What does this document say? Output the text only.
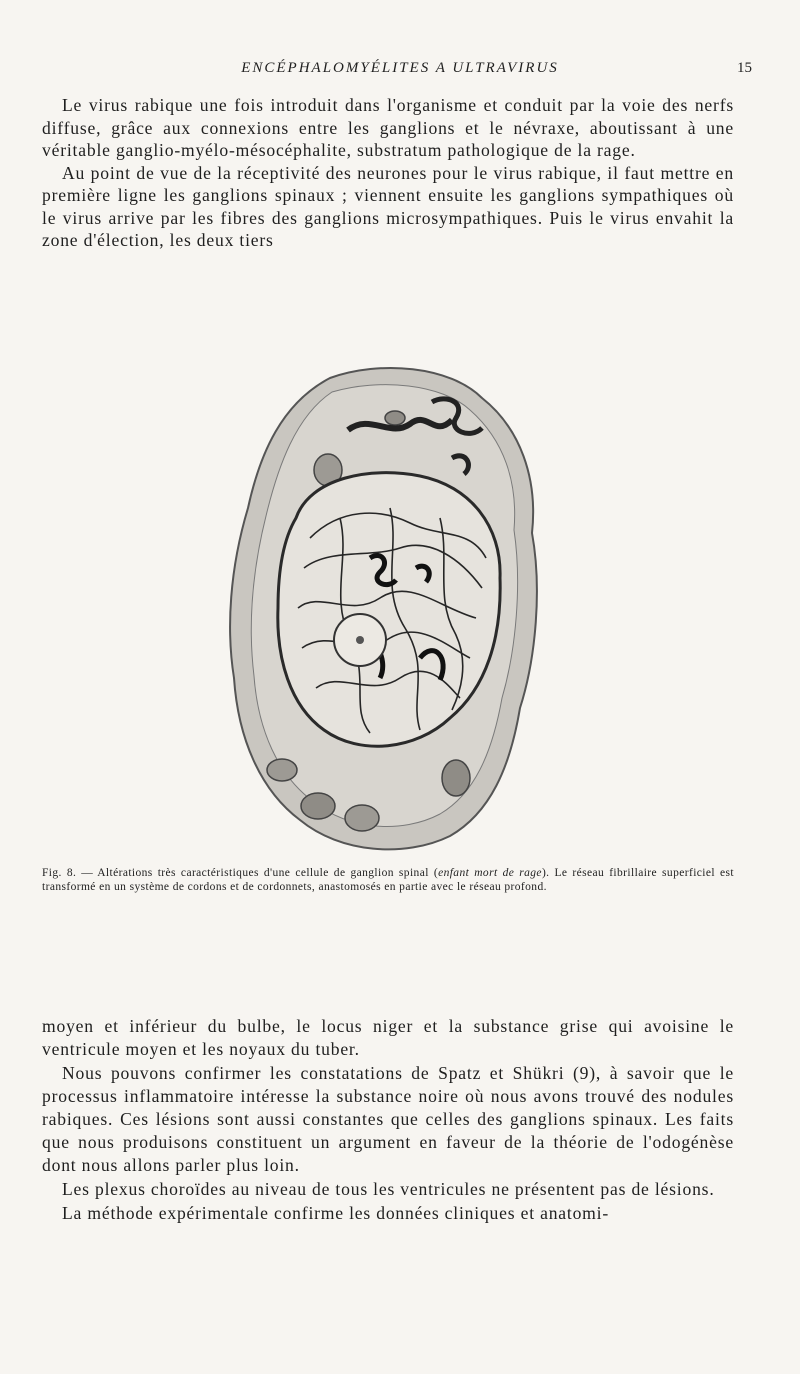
ENCÉPHALOMYÉLITES A ULTRAVIRUS	15

Le virus rabique une fois introduit dans l'organisme et conduit par la voie des nerfs diffuse, grâce aux connexions entre les ganglions et le névraxe, aboutissant à une véritable ganglio-myélo-mésocéphalite, substratum pathologique de la rage.

Au point de vue de la réceptivité des neurones pour le virus rabique, il faut mettre en première ligne les ganglions spinaux ; viennent ensuite les ganglions sympathiques où le virus arrive par les fibres des ganglions microsympathiques. Puis le virus envahit la zone d'élection, les deux tiers

Fig. 8. — Altérations très caractéristiques d'une cellule de ganglion spinal (enfant mort de rage). Le réseau fibrillaire superficiel est transformé en un système de cordons et de cordonnets, anastomosés en partie avec le réseau profond.

moyen et inférieur du bulbe, le locus niger et la substance grise qui avoisine le ventricule moyen et les noyaux du tuber.

Nous pouvons confirmer les constatations de Spatz et Shükri (9), à savoir que le processus inflammatoire intéresse la substance noire où nous avons trouvé des nodules rabiques. Ces lésions sont aussi constantes que celles des ganglions spinaux. Les faits que nous produisons constituent un argument en faveur de la théorie de l'odogénèse dont nous allons parler plus loin.

Les plexus choroïdes au niveau de tous les ventricules ne présentent pas de lésions.

La méthode expérimentale confirme les données cliniques et anatomi-
